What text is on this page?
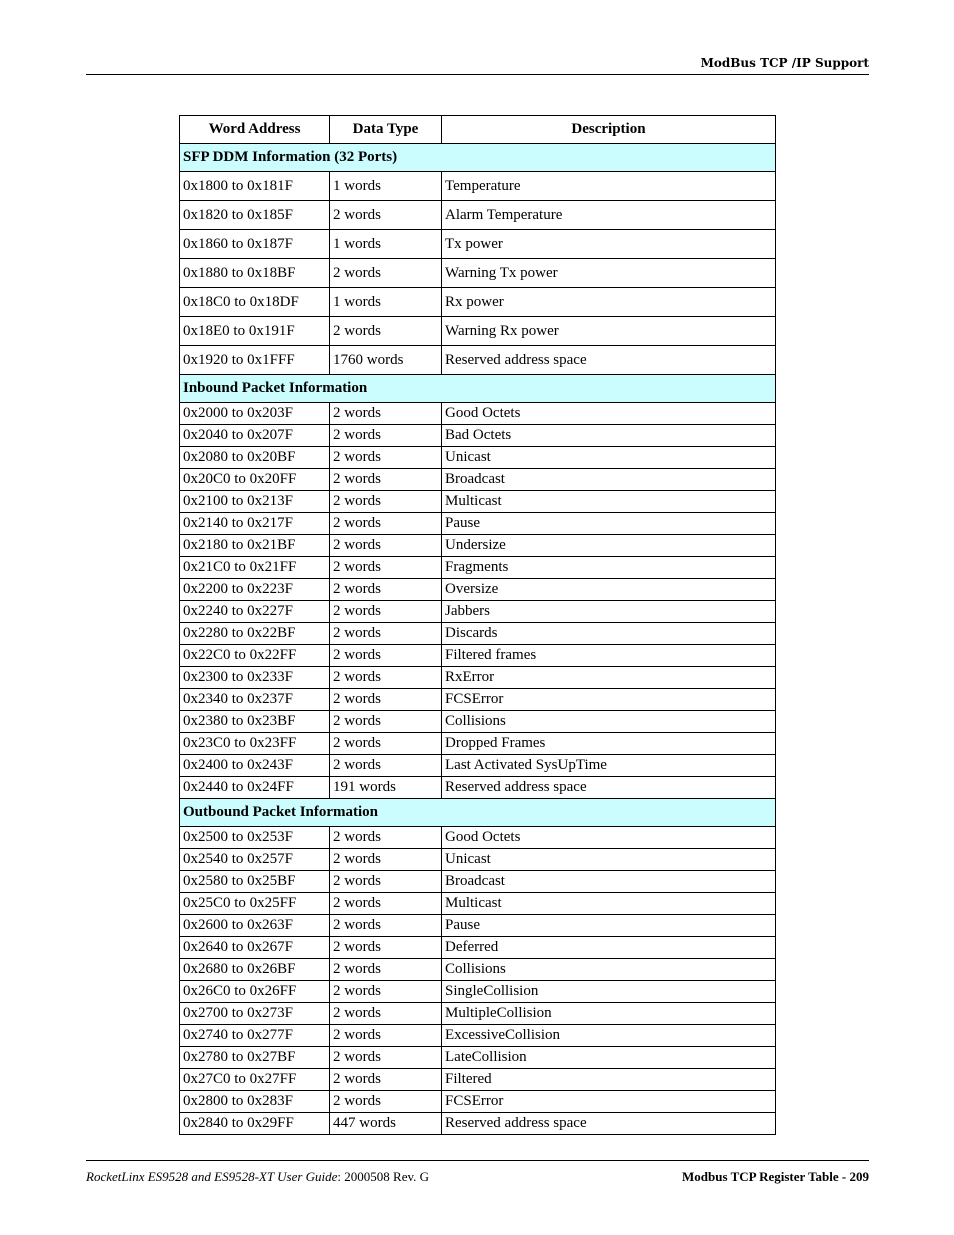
ModBus TCP /IP Support
Word Address	Data Type	Description
SFP DDM Information (32 Ports)		
0x1800 to 0x181F	1 words	Temperature
0x1820 to 0x185F	2 words	Alarm Temperature
0x1860 to 0x187F	1 words	Tx power
0x1880 to 0x18BF	2 words	Warning Tx power
0x18C0 to 0x18DF	1 words	Rx power
0x18E0 to 0x191F	2 words	Warning Rx power
0x1920 to 0x1FFF	1760 words	Reserved address space
Inbound Packet Information		
0x2000 to 0x203F	2 words	Good Octets
0x2040 to 0x207F	2 words	Bad Octets
0x2080 to 0x20BF	2 words	Unicast
0x20C0 to 0x20FF	2 words	Broadcast
0x2100 to 0x213F	2 words	Multicast
0x2140 to 0x217F	2 words	Pause
0x2180 to 0x21BF	2 words	Undersize
0x21C0 to 0x21FF	2 words	Fragments
0x2200 to 0x223F	2 words	Oversize
0x2240 to 0x227F	2 words	Jabbers
0x2280 to 0x22BF	2 words	Discards
0x22C0 to 0x22FF	2 words	Filtered frames
0x2300 to 0x233F	2 words	RxError
0x2340 to 0x237F	2 words	FCSError
0x2380 to 0x23BF	2 words	Collisions
0x23C0 to 0x23FF	2 words	Dropped Frames
0x2400 to 0x243F	2 words	Last Activated SysUpTime
0x2440 to 0x24FF	191 words	Reserved address space
Outbound Packet Information		
0x2500 to 0x253F	2 words	Good Octets
0x2540 to 0x257F	2 words	Unicast
0x2580 to 0x25BF	2 words	Broadcast
0x25C0 to 0x25FF	2 words	Multicast
0x2600 to 0x263F	2 words	Pause
0x2640 to 0x267F	2 words	Deferred
0x2680 to 0x26BF	2 words	Collisions
0x26C0 to 0x26FF	2 words	SingleCollision
0x2700 to 0x273F	2 words	MultipleCollision
0x2740 to 0x277F	2 words	ExcessiveCollision
0x2780 to 0x27BF	2 words	LateCollision
0x27C0 to 0x27FF	2 words	Filtered
0x2800 to 0x283F	2 words	FCSError
0x2840 to 0x29FF	447 words	Reserved address space
RocketLinx ES9528 and ES9528-XT User Guide: 2000508 Rev. G	Modbus TCP Register Table - 209
